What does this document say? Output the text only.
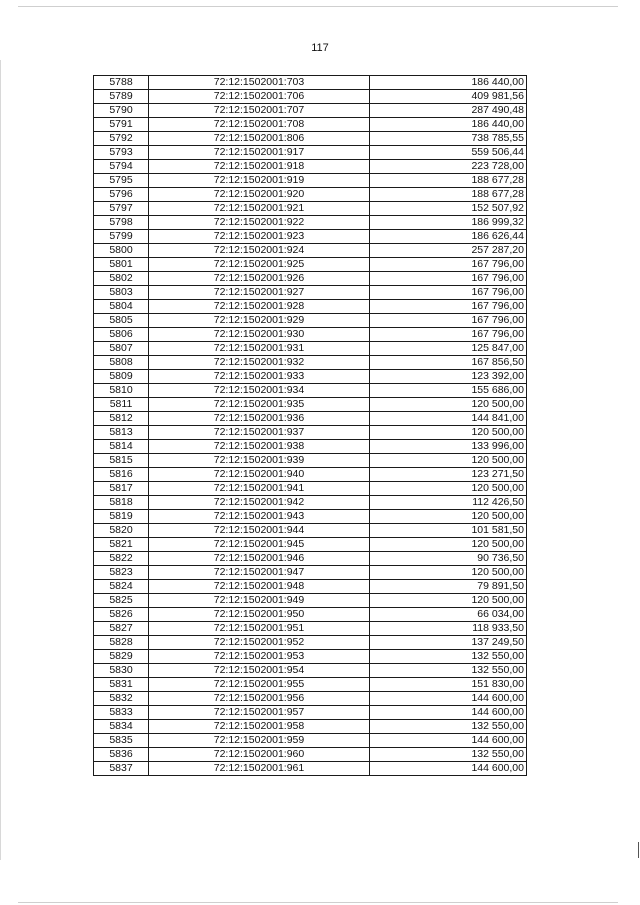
117
5788	72:12:1502001:703	186 440,00
5789	72:12:1502001:706	409 981,56
5790	72:12:1502001:707	287 490,48
5791	72:12:1502001:708	186 440,00
5792	72:12:1502001:806	738 785,55
5793	72:12:1502001:917	559 506,44
5794	72:12:1502001:918	223 728,00
5795	72:12:1502001:919	188 677,28
5796	72:12:1502001:920	188 677,28
5797	72:12:1502001:921	152 507,92
5798	72:12:1502001:922	186 999,32
5799	72:12:1502001:923	186 626,44
5800	72:12:1502001:924	257 287,20
5801	72:12:1502001:925	167 796,00
5802	72:12:1502001:926	167 796,00
5803	72:12:1502001:927	167 796,00
5804	72:12:1502001:928	167 796,00
5805	72:12:1502001:929	167 796,00
5806	72:12:1502001:930	167 796,00
5807	72:12:1502001:931	125 847,00
5808	72:12:1502001:932	167 856,50
5809	72:12:1502001:933	123 392,00
5810	72:12:1502001:934	155 686,00
5811	72:12:1502001:935	120 500,00
5812	72:12:1502001:936	144 841,00
5813	72:12:1502001:937	120 500,00
5814	72:12:1502001:938	133 996,00
5815	72:12:1502001:939	120 500,00
5816	72:12:1502001:940	123 271,50
5817	72:12:1502001:941	120 500,00
5818	72:12:1502001:942	112 426,50
5819	72:12:1502001:943	120 500,00
5820	72:12:1502001:944	101 581,50
5821	72:12:1502001:945	120 500,00
5822	72:12:1502001:946	90 736,50
5823	72:12:1502001:947	120 500,00
5824	72:12:1502001:948	79 891,50
5825	72:12:1502001:949	120 500,00
5826	72:12:1502001:950	66 034,00
5827	72:12:1502001:951	118 933,50
5828	72:12:1502001:952	137 249,50
5829	72:12:1502001:953	132 550,00
5830	72:12:1502001:954	132 550,00
5831	72:12:1502001:955	151 830,00
5832	72:12:1502001:956	144 600,00
5833	72:12:1502001:957	144 600,00
5834	72:12:1502001:958	132 550,00
5835	72:12:1502001:959	144 600,00
5836	72:12:1502001:960	132 550,00
5837	72:12:1502001:961	144 600,00
